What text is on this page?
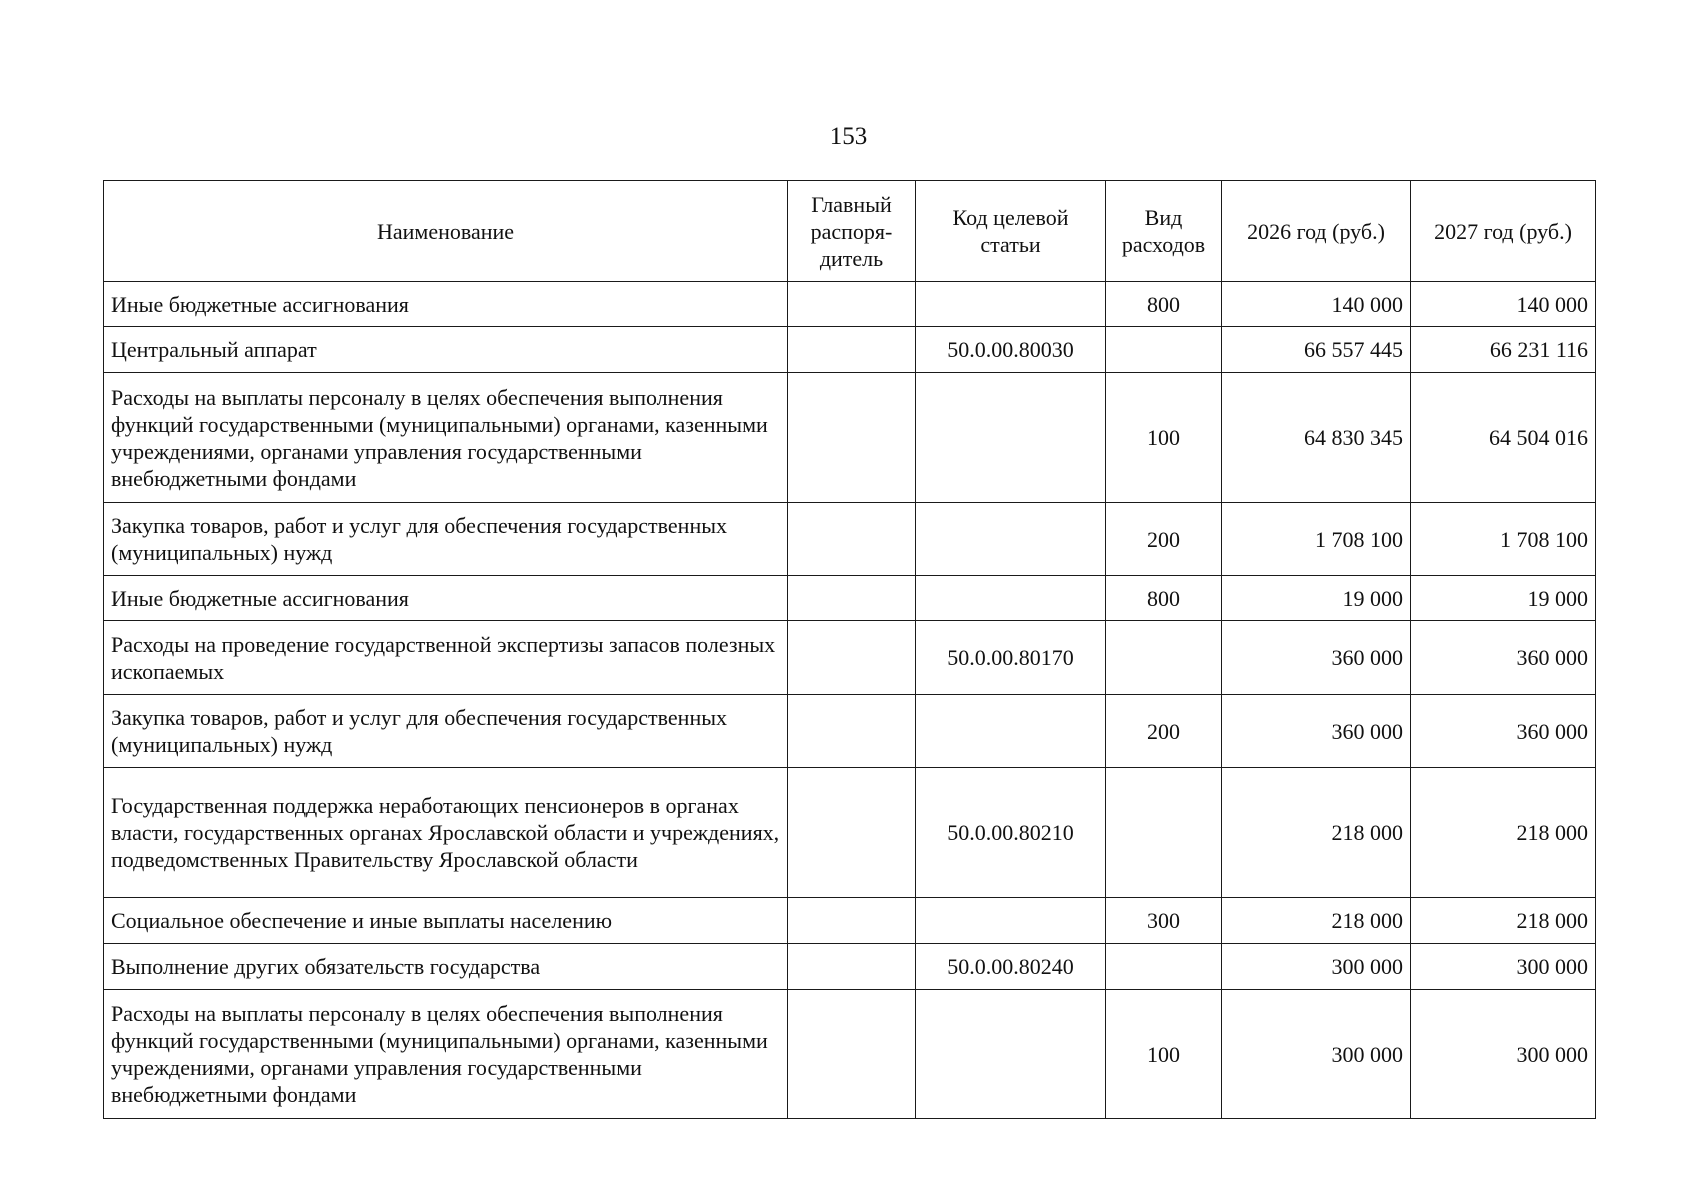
153
Наименование	Главный распоря-дитель	Код целевой статьи	Вид расходов	2026 год (руб.)	2027 год (руб.)
Иные бюджетные ассигнования			800	140 000	140 000
Центральный аппарат		50.0.00.80030		66 557 445	66 231 116
Расходы на выплаты персоналу в целях обеспечения выполнения функций государственными (муниципальными) органами, казенными учреждениями, органами управления государственными внебюджетными фондами			100	64 830 345	64 504 016
Закупка товаров, работ и услуг для обеспечения государственных (муниципальных) нужд			200	1 708 100	1 708 100
Иные бюджетные ассигнования			800	19 000	19 000
Расходы на проведение государственной экспертизы запасов полезных ископаемых		50.0.00.80170		360 000	360 000
Закупка товаров, работ и услуг для обеспечения государственных (муниципальных) нужд			200	360 000	360 000
Государственная поддержка неработающих пенсионеров в органах власти, государственных органах Ярославской области и учреждениях, подведомственных Правительству Ярославской области		50.0.00.80210		218 000	218 000
Социальное обеспечение и иные выплаты населению			300	218 000	218 000
Выполнение других обязательств государства		50.0.00.80240		300 000	300 000
Расходы на выплаты персоналу в целях обеспечения выполнения функций государственными (муниципальными) органами, казенными учреждениями, органами управления государственными внебюджетными фондами			100	300 000	300 000
